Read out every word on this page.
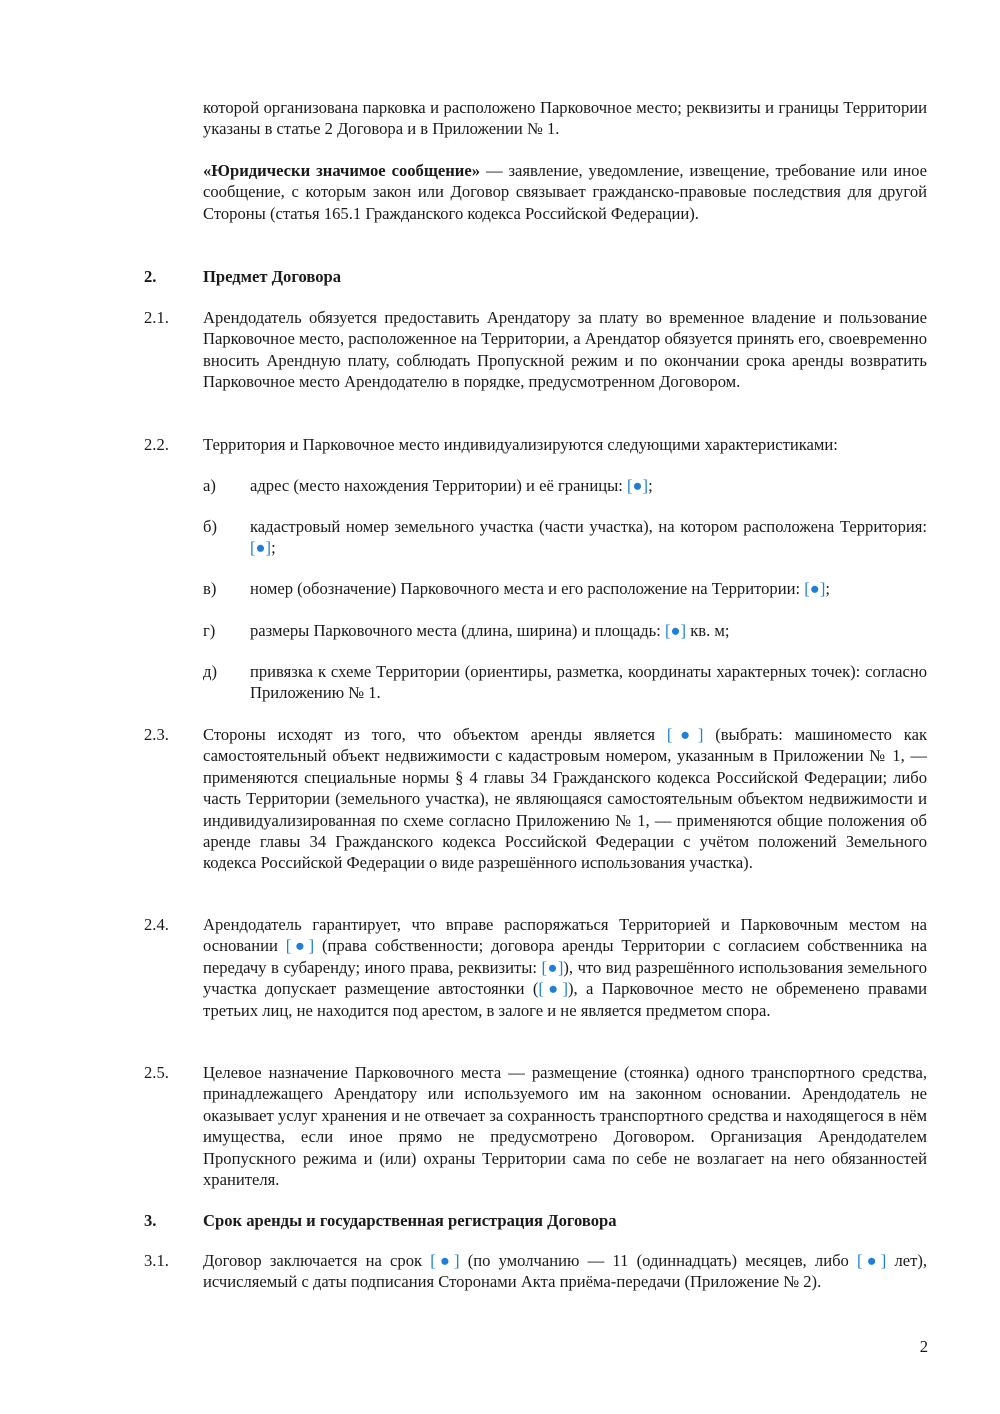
которой организована парковка и расположено Парковочное место; реквизиты и границы Территории указаны в статье 2 Договора и в Приложении № 1.
«Юридически значимое сообщение» — заявление, уведомление, извещение, требование или иное сообщение, с которым закон или Договор связывает гражданско-правовые последствия для другой Стороны (статья 165.1 Гражданского кодекса Российской Федерации).
2.	Предмет Договора
2.1. Арендодатель обязуется предоставить Арендатору за плату во временное владение и пользование Парковочное место, расположенное на Территории, а Арендатор обязуется принять его, своевременно вносить Арендную плату, соблюдать Пропускной режим и по окончании срока аренды возвратить Парковочное место Арендодателю в порядке, предусмотренном Договором.
2.2. Территория и Парковочное место индивидуализируются следующими характеристиками:
а) адрес (место нахождения Территории) и её границы: [●];
б) кадастровый номер земельного участка (части участка), на котором расположена Территория: [●];
в) номер (обозначение) Парковочного места и его расположение на Территории: [●];
г) размеры Парковочного места (длина, ширина) и площадь: [●] кв. м;
д) привязка к схеме Территории (ориентиры, разметка, координаты характерных точек): согласно Приложению № 1.
2.3. Стороны исходят из того, что объектом аренды является [●] (выбрать: машиноместо как самостоятельный объект недвижимости с кадастровым номером, указанным в Приложении № 1, — применяются специальные нормы § 4 главы 34 Гражданского кодекса Российской Федерации; либо часть Территории (земельного участка), не являющаяся самостоятельным объектом недвижимости и индивидуализированная по схеме согласно Приложению № 1, — применяются общие положения об аренде главы 34 Гражданского кодекса Российской Федерации с учётом положений Земельного кодекса Российской Федерации о виде разрешённого использования участка).
2.4. Арендодатель гарантирует, что вправе распоряжаться Территорией и Парковочным местом на основании [●] (права собственности; договора аренды Территории с согласием собственника на передачу в субаренду; иного права, реквизиты: [●]), что вид разрешённого использования земельного участка допускает размещение автостоянки ([●]), а Парковочное место не обременено правами третьих лиц, не находится под арестом, в залоге и не является предметом спора.
2.5. Целевое назначение Парковочного места — размещение (стоянка) одного транспортного средства, принадлежащего Арендатору или используемого им на законном основании. Арендодатель не оказывает услуг хранения и не отвечает за сохранность транспортного средства и находящегося в нём имущества, если иное прямо не предусмотрено Договором. Организация Арендодателем Пропускного режима и (или) охраны Территории сама по себе не возлагает на него обязанностей хранителя.
3.	Срок аренды и государственная регистрация Договора
3.1. Договор заключается на срок [●] (по умолчанию — 11 (одиннадцать) месяцев, либо [●] лет), исчисляемый с даты подписания Сторонами Акта приёма-передачи (Приложение № 2).
2
